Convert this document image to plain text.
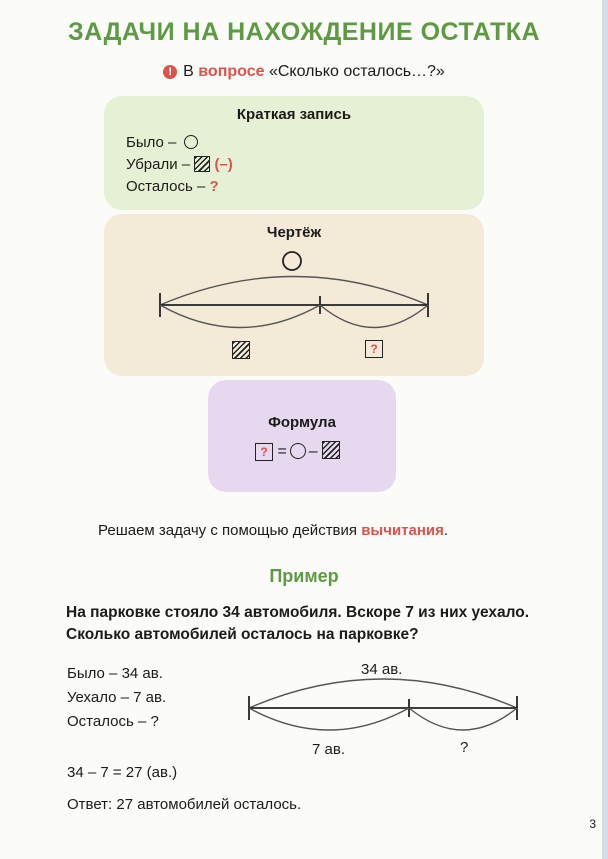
ЗАДАЧИ НА НАХОЖДЕНИЕ ОСТАТКА
! В вопросе «Сколько осталось…?»
Краткая запись
Было –
Убрали – (–)
Осталось – ?
Чертёж
?
Формула
? = –
Решаем задачу с помощью действия вычитания.
Пример
На парковке стояло 34 автомобиля. Вскоре 7 из них уехало. Сколько автомобилей осталось на парковке?
Было – 34 ав.
Уехало – 7 ав.
Осталось – ?
34 ав.
7 ав.	?
34 – 7 = 27 (ав.)
Ответ: 27 автомобилей осталось.
3
